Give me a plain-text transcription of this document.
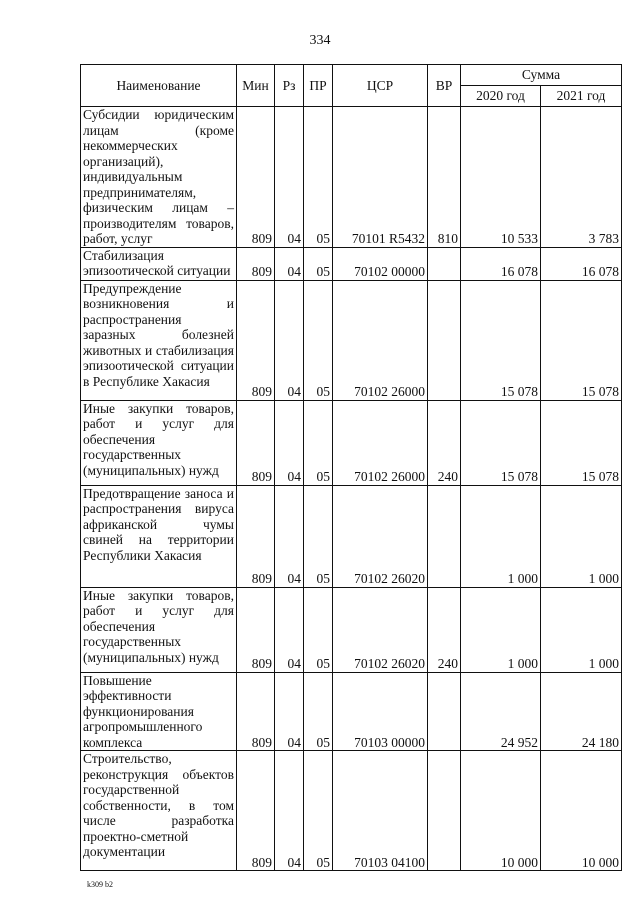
334
Наименование	Мин	Рз	ПР	ЦСР	ВР	Сумма	
						2020 год	2021 год
Субсидии юридическим лицам (кроме некоммерческих организаций), индивидуальным предпринимателям, физическим лицам – производителям товаров, работ, услуг	809	04	05	70101 R5432	810	10 533	3 783
Стабилизация эпизоотической ситуации	809	04	05	70102 00000		16 078	16 078
Предупреждение возникновения и распространения заразных болезней животных и стабилизация эпизоотической ситуации в Республике Хакасия	809	04	05	70102 26000		15 078	15 078
Иные закупки товаров, работ и услуг для обеспечения государственных (муниципальных) нужд	809	04	05	70102 26000	240	15 078	15 078
Предотвращение заноса и распространения вируса африканской чумы свиней на территории Республики Хакасия	809	04	05	70102 26020		1 000	1 000
Иные закупки товаров, работ и услуг для обеспечения государственных (муниципальных) нужд	809	04	05	70102 26020	240	1 000	1 000
Повышение эффективности функционирования агропромышленного комплекса	809	04	05	70103 00000		24 952	24 180
Строительство, реконструкция объектов государственной собственности, в том числе разработка проектно-сметной документации	809	04	05	70103 04100		10 000	10 000
k309 b2
